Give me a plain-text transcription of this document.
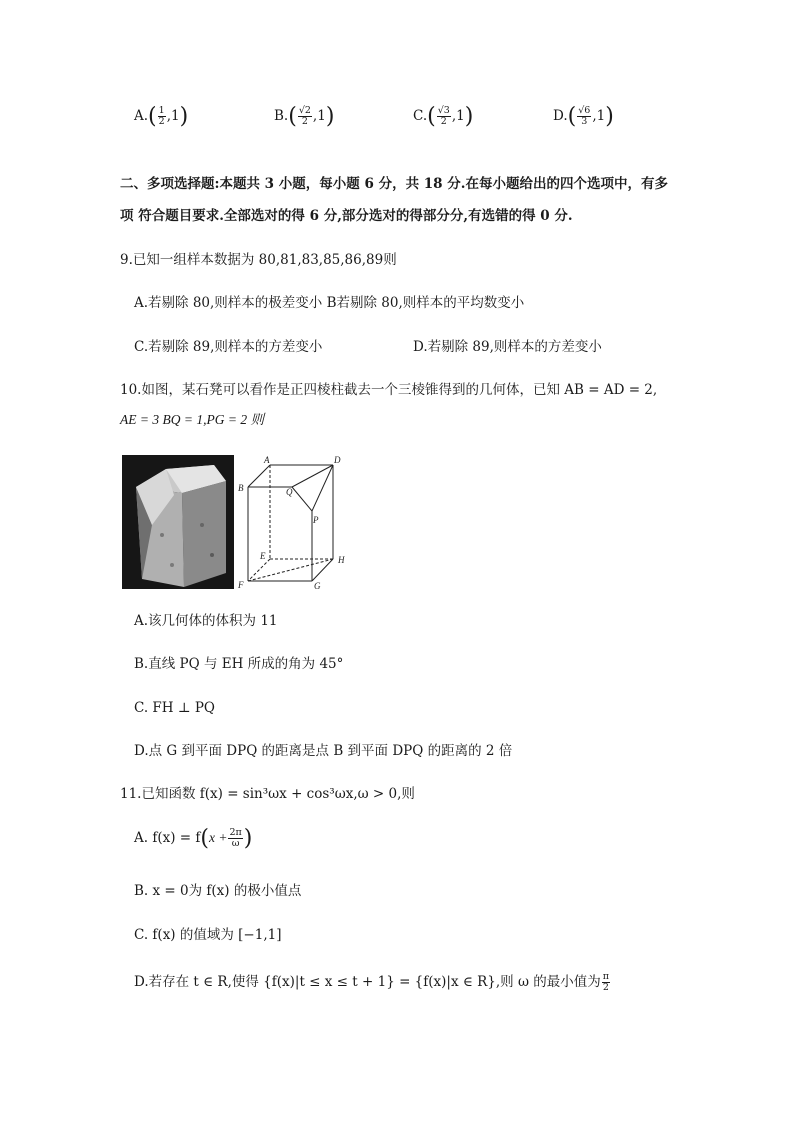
$A.( \frac{1}{2} ,1)$	$B.( \frac{√2}{2} ,1)$	$C.( \frac{√3}{2} ,1)$	$D.( \frac{√6}{3} ,1)$
二、多项选择题:本题共 3 小题，每小题 6 分，共 18 分.在每小题给出的四个选项中，有多
项 符合题目要求.全部选对的得 6 分,部分选对的得部分分,有选错的得 0 分.
9.已知一组样本数据为 80,81,83,85,86,89则
A.若剔除 80,则样本的极差变小 B若剔除 80,则样本的平均数变小
C.若剔除 89,则样本的方差变小	D.若剔除 89,则样本的方差变小
10.如图，某石凳可以看作是正四棱柱截去一个三棱锥得到的几何体，已知 AB = AD = 2,
AE = 3 BQ = 1,PG = 2 则
A
B
D
Q
P
E	H
F	G
A.该几何体的体积为 11
B.直线 PQ 与 EH 所成的角为 45°
C. FH ⊥ PQ
D.点 G 到平面 DPQ 的距离是点 B 到平面 DPQ 的距离的 2 倍
11.已知函数 f(x) = sin³ωx + cos³ωx,ω > 0,则
A. $f(x) = f(x + \frac{2\pi}{\omega}$ )
B. x = 0为 f(x) 的极小值点
C. f(x) 的值域为 [−1,1]
D.若存在 t ∈ R,使得 {f(x)|t ≤ x ≤ t + 1} = {f(x)|x ∈ R},则 ω 的最小值为 $\frac{\pi}{2}$
